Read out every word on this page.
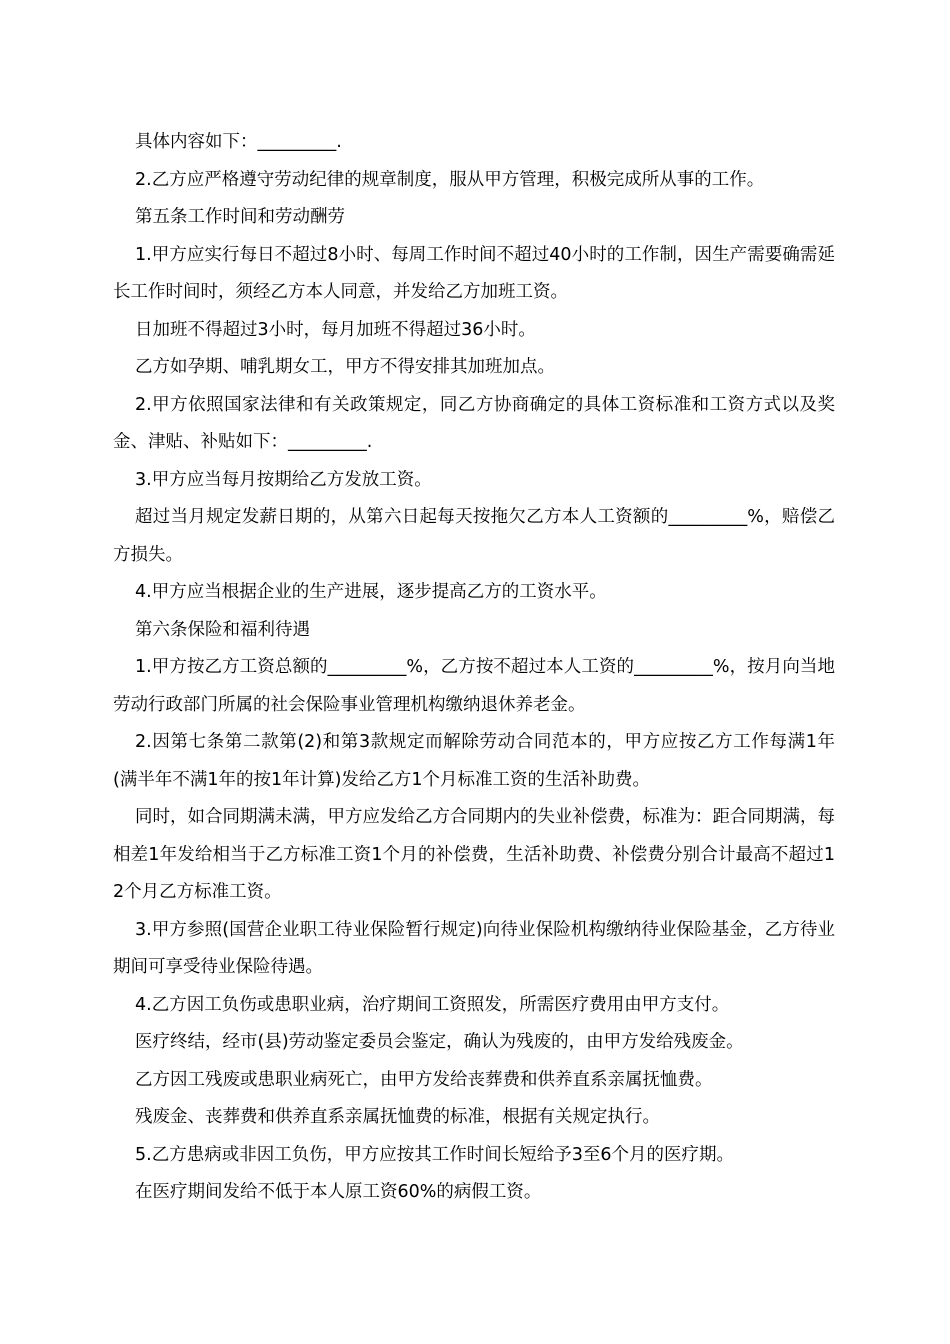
具体内容如下：_________.

2.乙方应严格遵守劳动纪律的规章制度，服从甲方管理，积极完成所从事的工作。

第五条工作时间和劳动酬劳

1.甲方应实行每日不超过8小时、每周工作时间不超过40小时的工作制，因生产需要确需延长工作时间时，须经乙方本人同意，并发给乙方加班工资。

日加班不得超过3小时，每月加班不得超过36小时。

乙方如孕期、哺乳期女工，甲方不得安排其加班加点。

2.甲方依照国家法律和有关政策规定，同乙方协商确定的具体工资标准和工资方式以及奖金、津贴、补贴如下：_________.

3.甲方应当每月按期给乙方发放工资。

超过当月规定发薪日期的，从第六日起每天按拖欠乙方本人工资额的_________%，赔偿乙方损失。

4.甲方应当根据企业的生产进展，逐步提高乙方的工资水平。

第六条保险和福利待遇

1.甲方按乙方工资总额的_________%，乙方按不超过本人工资的_________%，按月向当地劳动行政部门所属的社会保险事业管理机构缴纳退休养老金。

2.因第七条第二款第(2)和第3款规定而解除劳动合同范本的，甲方应按乙方工作每满1年(满半年不满1年的按1年计算)发给乙方1个月标准工资的生活补助费。

同时，如合同期满未满，甲方应发给乙方合同期内的失业补偿费，标准为：距合同期满，每相差1年发给相当于乙方标准工资1个月的补偿费，生活补助费、补偿费分别合计最高不超过12个月乙方标准工资。

3.甲方参照(国营企业职工待业保险暂行规定)向待业保险机构缴纳待业保险基金，乙方待业期间可享受待业保险待遇。

4.乙方因工负伤或患职业病，治疗期间工资照发，所需医疗费用由甲方支付。

医疗终结，经市(县)劳动鉴定委员会鉴定，确认为残废的，由甲方发给残废金。

乙方因工残废或患职业病死亡，由甲方发给丧葬费和供养直系亲属抚恤费。

残废金、丧葬费和供养直系亲属抚恤费的标准，根据有关规定执行。

5.乙方患病或非因工负伤，甲方应按其工作时间长短给予3至6个月的医疗期。

在医疗期间发给不低于本人原工资60%的病假工资。
